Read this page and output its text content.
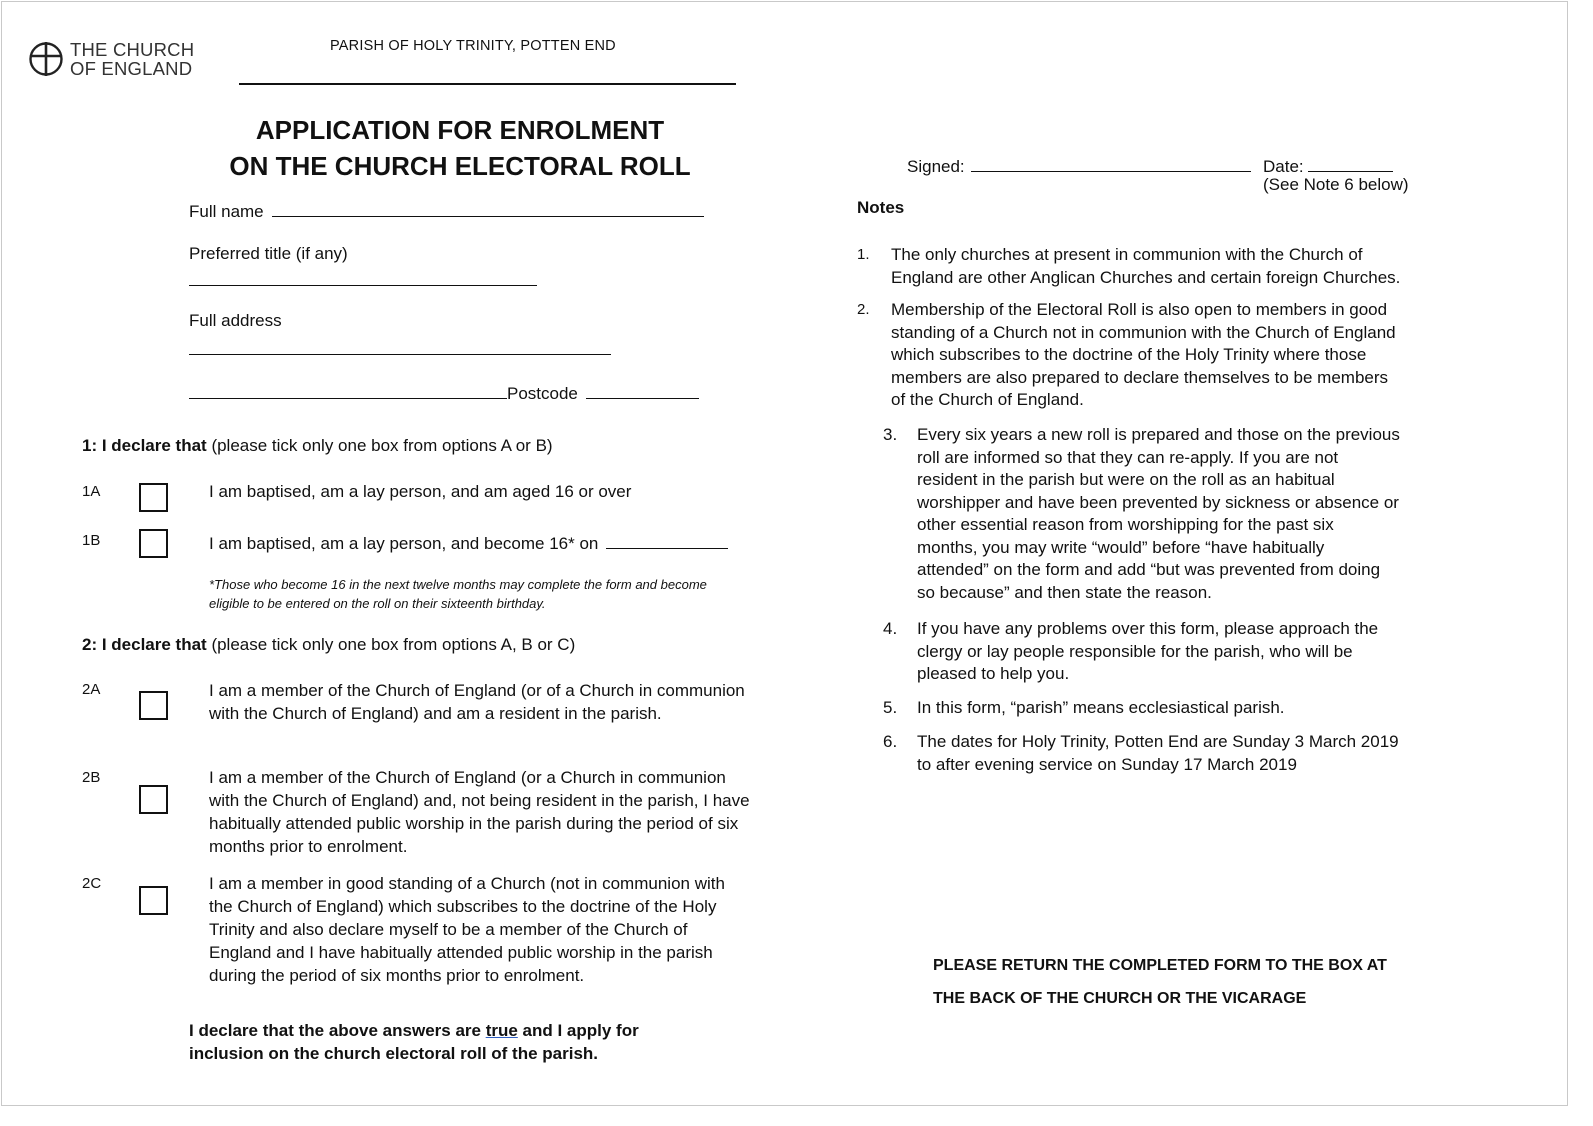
THE CHURCH
OF ENGLAND
PARISH OF HOLY TRINITY, POTTEN END
APPLICATION FOR ENROLMENT
ON THE CHURCH ELECTORAL ROLL
Full name
Preferred title (if any)
Full address
Postcode
1: I declare that (please tick only one box from options A or B)
1A	I am baptised, am a lay person, and am aged 16 or over
1B	I am baptised, am a lay person, and become 16* on
*Those who become 16 in the next twelve months may complete the form and become
eligible to be entered on the roll on their sixteenth birthday.
2: I declare that (please tick only one box from options A, B or C)
2A	I am a member of the Church of England (or of a Church in communion
with the Church of England) and am a resident in the parish.
2B	I am a member of the Church of England (or a Church in communion
with the Church of England) and, not being resident in the parish, I have
habitually attended public worship in the parish during the period of six
months prior to enrolment.
2C	I am a member in good standing of a Church (not in communion with
the Church of England) which subscribes to the doctrine of the Holy
Trinity and also declare myself to be a member of the Church of
England and I have habitually attended public worship in the parish
during the period of six months prior to enrolment.
I declare that the above answers are true and I apply for
inclusion on the church electoral roll of the parish.
Signed:	Date:
(See Note 6 below)
Notes
1.	The only churches at present in communion with the Church of
England are other Anglican Churches and certain foreign Churches.
2.	Membership of the Electoral Roll is also open to members in good
standing of a Church not in communion with the Church of England
which subscribes to the doctrine of the Holy Trinity where those
members are also prepared to declare themselves to be members
of the Church of England.
3.	Every six years a new roll is prepared and those on the previous
roll are informed so that they can re-apply. If you are not
resident in the parish but were on the roll as an habitual
worshipper and have been prevented by sickness or absence or
other essential reason from worshipping for the past six
months, you may write “would” before “have habitually
attended” on the form and add “but was prevented from doing
so because” and then state the reason.
4.	If you have any problems over this form, please approach the
clergy or lay people responsible for the parish, who will be
pleased to help you.
5.	In this form, “parish” means ecclesiastical parish.
6.	The dates for Holy Trinity, Potten End are Sunday 3 March 2019
to after evening service on Sunday 17 March 2019
PLEASE RETURN THE COMPLETED FORM TO THE BOX AT
THE BACK OF THE CHURCH OR THE VICARAGE
